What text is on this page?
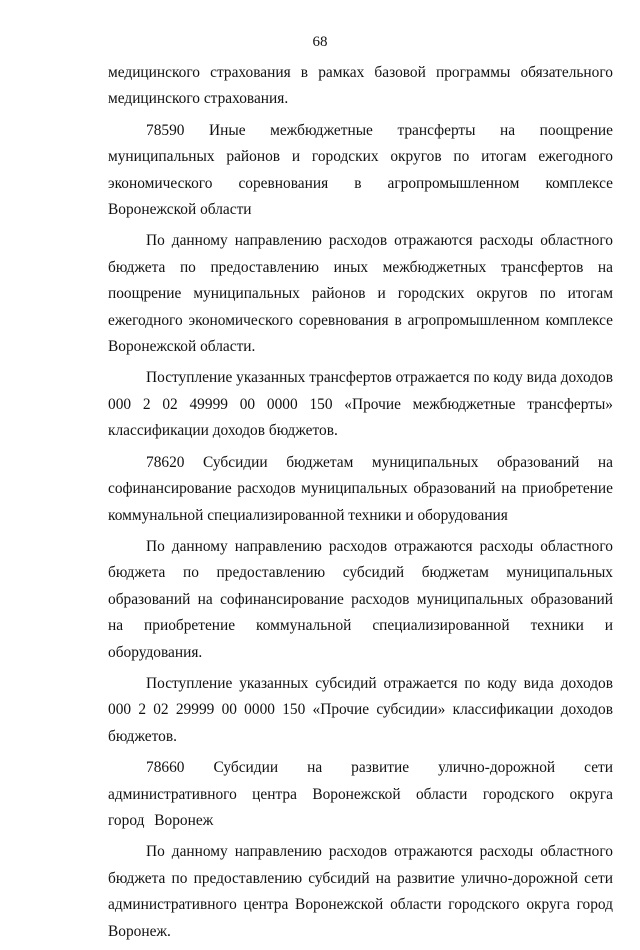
68

медицинского страхования в рамках базовой программы обязательного медицинского страхования.

78590 Иные межбюджетные трансферты на поощрение муниципальных районов и городских округов по итогам ежегодного экономического соревнования в агропромышленном комплексе Воронежской области

По данному направлению расходов отражаются расходы областного бюджета по предоставлению иных межбюджетных трансфертов на поощрение муниципальных районов и городских округов по итогам ежегодного экономического соревнования в агропромышленном комплексе Воронежской области.

Поступление указанных трансфертов отражается по коду вида доходов 000 2 02 49999 00 0000 150 «Прочие межбюджетные трансферты» классификации доходов бюджетов.

78620 Субсидии бюджетам муниципальных образований на софинансирование расходов муниципальных образований на приобретение коммунальной специализированной техники и оборудования

По данному направлению расходов отражаются расходы областного бюджета по предоставлению субсидий бюджетам муниципальных образований на софинансирование расходов муниципальных образований на приобретение коммунальной специализированной техники и оборудования.

Поступление указанных субсидий отражается по коду вида доходов 000 2 02 29999 00 0000 150 «Прочие субсидии» классификации доходов бюджетов.

78660 Субсидии на развитие улично-дорожной сети административного центра Воронежской области городского округа город Воронеж

По данному направлению расходов отражаются расходы областного бюджета по предоставлению субсидий на развитие улично-дорожной сети административного центра Воронежской области городского округа город Воронеж.
